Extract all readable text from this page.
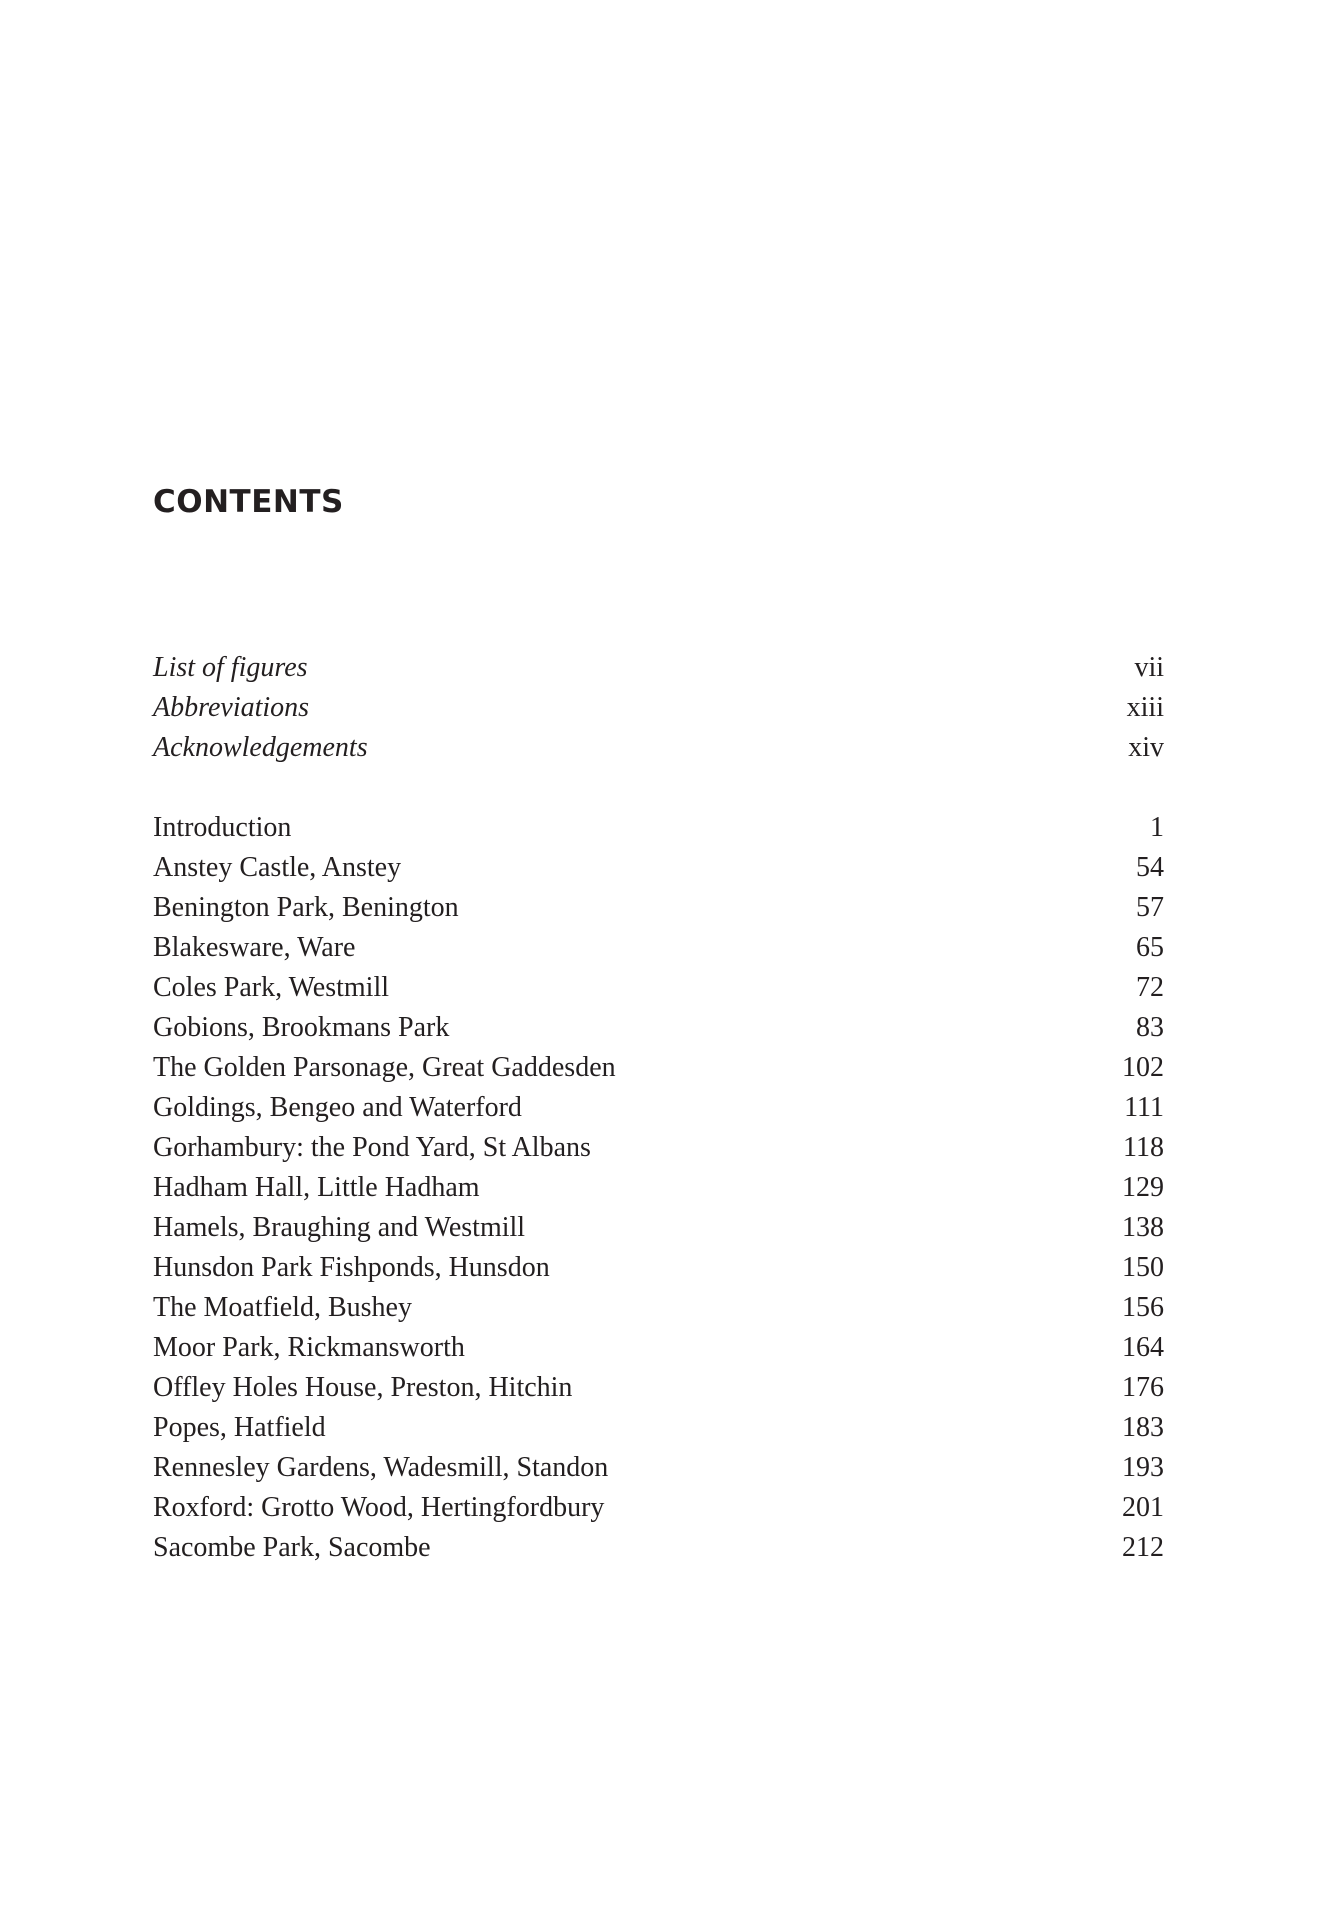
CONTENTS
List of figures	vii
Abbreviations	xiii
Acknowledgements	xiv
Introduction	1
Anstey Castle, Anstey	54
Benington Park, Benington	57
Blakesware, Ware	65
Coles Park, Westmill	72
Gobions, Brookmans Park	83
The Golden Parsonage, Great Gaddesden	102
Goldings, Bengeo and Waterford	111
Gorhambury: the Pond Yard, St Albans	118
Hadham Hall, Little Hadham	129
Hamels, Braughing and Westmill	138
Hunsdon Park Fishponds, Hunsdon	150
The Moatfield, Bushey	156
Moor Park, Rickmansworth	164
Offley Holes House, Preston, Hitchin	176
Popes, Hatfield	183
Rennesley Gardens, Wadesmill, Standon	193
Roxford: Grotto Wood, Hertingfordbury	201
Sacombe Park, Sacombe	212
